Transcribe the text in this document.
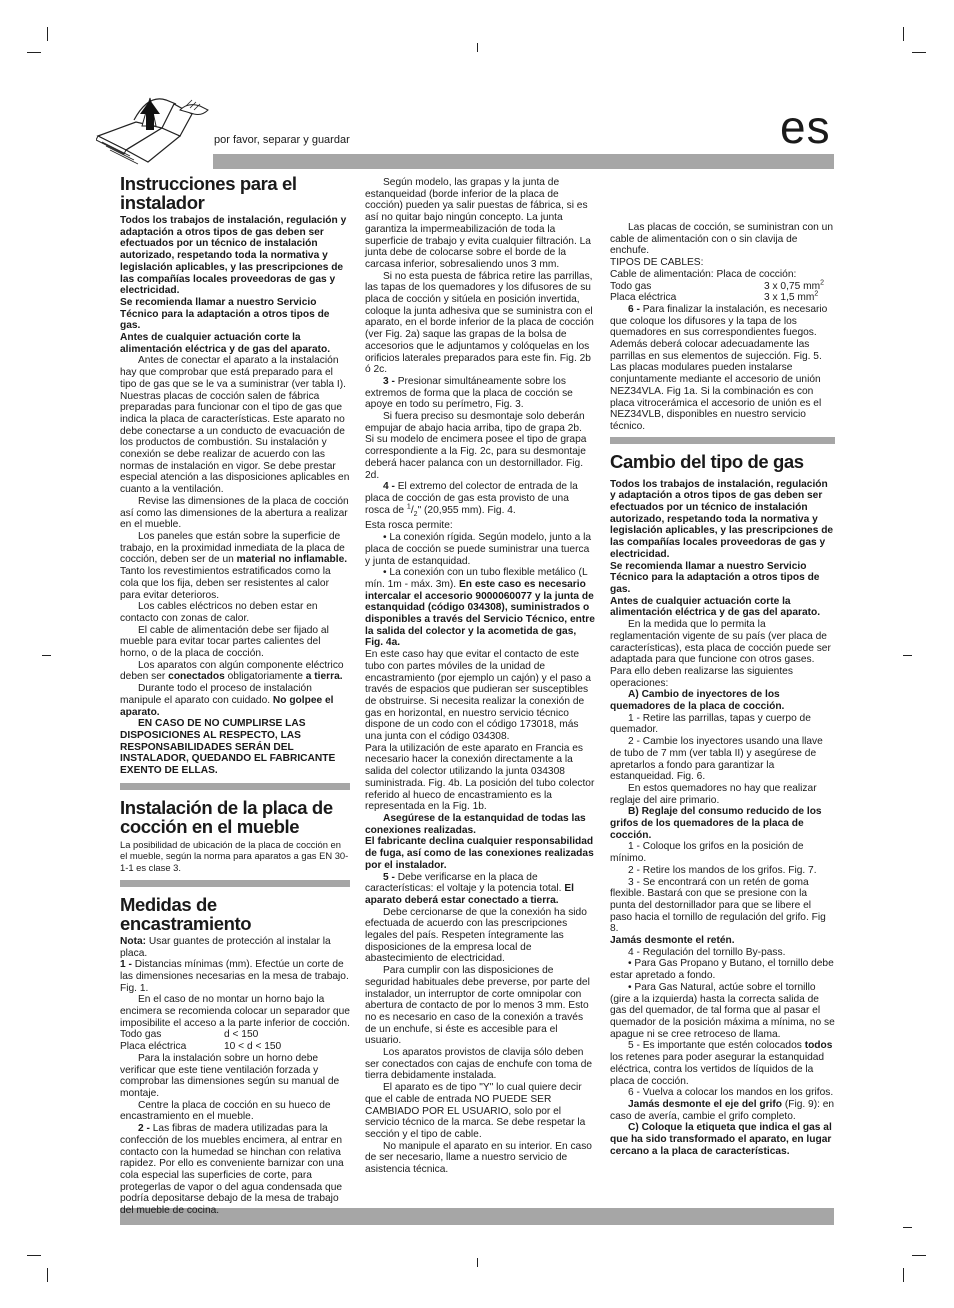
por favor, separar y guardar	es
Instrucciones para el instalador

Todos los trabajos de instalación, regulación y adaptación a otros tipos de gas deben ser efectuados por un técnico de instalación autorizado, respetando toda la normativa y legislación aplicables, y las prescripciones de las compañías locales proveedoras de gas y electricidad.

Se recomienda llamar a nuestro Servicio Técnico para la adaptación a otros tipos de gas.

Antes de cualquier actuación corte la alimentación eléctrica y de gas del aparato.

Antes de conectar el aparato a la instalación hay que comprobar que está preparado para el tipo de gas que se le va a suministrar (ver tabla I). Nuestras placas de cocción salen de fábrica preparadas para funcionar con el tipo de gas que indica la placa de características. Este aparato no debe conectarse a un conducto de evacuación de los productos de combustión. Su instalación y conexión se debe realizar de acuerdo con las normas de instalación en vigor. Se debe prestar especial atención a las disposiciones aplicables en cuanto a la ventilación.

Revise las dimensiones de la placa de cocción así como las dimensiones de la abertura a realizar en el mueble.

Los paneles que están sobre la superficie de trabajo, en la proximidad inmediata de la placa de cocción, deben ser de un material no inflamable. Tanto los revestimientos estratificados como la cola que los fija, deben ser resistentes al calor para evitar deterioros.

Los cables eléctricos no deben estar en contacto con zonas de calor.

El cable de alimentación debe ser fijado al mueble para evitar tocar partes calientes del horno, o de la placa de cocción.

Los aparatos con algún componente eléctrico deben ser conectados obligatoriamente a tierra.

Durante todo el proceso de instalación manipule el aparato con cuidado. No golpee el aparato.

EN CASO DE NO CUMPLIRSE LAS DISPOSICIONES AL RESPECTO, LAS RESPONSABILIDADES SERÁN DEL INSTALADOR, QUEDANDO EL FABRICANTE EXENTO DE ELLAS.

Instalación de la placa de cocción en el mueble

La posibilidad de ubicación de la placa de cocción en el mueble, según la norma para aparatos a gas EN 30-1-1 es clase 3.

Medidas de encastramiento

Nota: Usar guantes de protección al instalar la placa.

1 - Distancias mínimas (mm). Efectúe un corte de las dimensiones necesarias en la mesa de trabajo. Fig. 1.

En el caso de no montar un horno bajo la encimera se recomienda colocar un separador que imposibilite el acceso a la parte inferior de cocción.

Todo gas	d < 150

Placa eléctrica	10 < d < 150

Para la instalación sobre un horno debe verificar que este tiene ventilación forzada y comprobar las dimensiones según su manual de montaje.

Centre la placa de cocción en su hueco de encastramiento en el mueble.

2 - Las fibras de madera utilizadas para la confección de los muebles encimera, al entrar en contacto con la humedad se hinchan con relativa rapidez. Por ello es conveniente barnizar con una cola especial las superficies de corte, para protegerlas de vapor o del agua condensada que podría depositarse debajo de la mesa de trabajo del mueble de cocina.

Según modelo, las grapas y la junta de estanqueidad (borde inferior de la placa de cocción) pueden ya salir puestas de fábrica, si es así no quitar bajo ningún concepto. La junta garantiza la impermeabilización de toda la superficie de trabajo y evita cualquier filtración. La junta debe de colocarse sobre el borde de la carcasa inferior, sobresaliendo unos 3 mm.

Si no esta puesta de fábrica retire las parrillas, las tapas de los quemadores y los difusores de su placa de cocción y sitúela en posición invertida, coloque la junta adhesiva que se suministra con el aparato, en el borde inferior de la placa de cocción (ver Fig. 2a) saque las grapas de la bolsa de accesorios que le adjuntamos y colóquelas en los orificios laterales preparados para este fin. Fig. 2b ó 2c.

3 - Presionar simultáneamente sobre los extremos de forma que la placa de cocción se apoye en todo su perímetro, Fig. 3.

Si fuera preciso su desmontaje solo deberán empujar de abajo hacia arriba, tipo de grapa 2b.

Si su modelo de encimera posee el tipo de grapa correspondiente a la Fig. 2c, para su desmontaje deberá hacer palanca con un destornillador. Fig. 2d.

4 - El extremo del colector de entrada de la placa de cocción de gas esta provisto de una rosca de $^1/_2$" (20,955 mm). Fig. 4.

Esta rosca permite:

• La conexión rígida. Según modelo, junto a la placa de cocción se puede suministrar una tuerca y junta de estanquidad.

• La conexión con un tubo flexible metálico (L mín. 1m - máx. 3m). En este caso es necesario intercalar el accesorio 9000060077 y la junta de estanquidad (código 034308), suministrados o disponibles a través del Servicio Técnico, entre la salida del colector y la acometida de gas, Fig. 4a.

En este caso hay que evitar el contacto de este tubo con partes móviles de la unidad de encastramiento (por ejemplo un cajón) y el paso a través de espacios que pudieran ser susceptibles de obstruirse. Si necesita realizar la conexión de gas en horizontal, en nuestro servicio técnico dispone de un codo con el código 173018, más una junta con el código 034308.

Para la utilización de este aparato en Francia es necesario hacer la conexión directamente a la salida del colector utilizando la junta 034308 suministrada. Fig. 4b. La posición del tubo colector referido al hueco de encastramiento es la representada en la Fig. 1b.

Asegúrese de la estanquidad de todas las conexiones realizadas.

El fabricante declina cualquier responsabilidad de fuga, así como de las conexiones realizadas por el instalador.

5 - Debe verificarse en la placa de características: el voltaje y la potencia total. El aparato deberá estar conectado a tierra.

Debe cercionarse de que la conexión ha sido efectuada de acuerdo con las prescripciones legales del país. Respeten íntegramente las disposiciones de la empresa local de abastecimiento de electricidad.

Para cumplir con las disposiciones de seguridad habituales debe preverse, por parte del instalador, un interruptor de corte omnipolar con abertura de contacto de por lo menos 3 mm. Esto no es necesario en caso de la conexión a través de un enchufe, si éste es accesible para el usuario.

Los aparatos provistos de clavija sólo deben ser conectados con cajas de enchufe con toma de tierra debidamente instalada.

El aparato es de tipo "Y" lo cual quiere decir que el cable de entrada NO PUEDE SER CAMBIADO POR EL USUARIO, solo por el servicio técnico de la marca. Se debe respetar la sección y el tipo de cable.

No manipule el aparato en su interior. En caso de ser necesario, llame a nuestro servicio de asistencia técnica.

Las placas de cocción, se suministran con un cable de alimentación con o sin clavija de enchufe.

TIPOS DE CABLES:

Cable de alimentación: Placa de cocción:

Todo gas	3 x 0,75 $mm^2$

Placa eléctrica	3 x 1,5 $mm^2$

6 - Para finalizar la instalación, es necesario que coloque los difusores y la tapa de los quemadores en sus correspondientes fuegos. Además deberá colocar adecuadamente las parrillas en sus elementos de sujección. Fig. 5. Las placas modulares pueden instalarse conjuntamente mediante el accesorio de unión NEZ34VLA. Fig 1a. Si la combinación es con placa vitrocerámica el accesorio de unión es el NEZ34VLB, disponibles en nuestro servicio técnico.

Cambio del tipo de gas

Todos los trabajos de instalación, regulación y adaptación a otros tipos de gas deben ser efectuados por un técnico de instalación autorizado, respetando toda la normativa y legislación aplicables, y las prescripciones de las compañías locales proveedoras de gas y electricidad.

Se recomienda llamar a nuestro Servicio Técnico para la adaptación a otros tipos de gas.

Antes de cualquier actuación corte la alimentación eléctrica y de gas del aparato.

En la medida que lo permita la reglamentación vigente de su país (ver placa de características), esta placa de cocción puede ser adaptada para que funcione con otros gases. Para ello deben realizarse las siguientes operaciones:

A) Cambio de inyectores de los quemadores de la placa de cocción.

1 - Retire las parrillas, tapas y cuerpo de quemador.

2 - Cambie los inyectores usando una llave de tubo de 7 mm (ver tabla II) y asegúrese de apretarlos a fondo para garantizar la estanqueidad. Fig. 6.

En estos quemadores no hay que realizar reglaje del aire primario.

B) Reglaje del consumo reducido de los grifos de los quemadores de la placa de cocción.

1 - Coloque los grifos en la posición de mínimo.

2 - Retire los mandos de los grifos. Fig. 7.

3 - Se encontrará con un retén de goma flexible. Bastará con que se presione con la punta del destornillador para que se libere el paso hacia el tornillo de regulación del grifo. Fig 8.

Jamás desmonte el retén.

4 - Regulación del tornillo By-pass.

• Para Gas Propano y Butano, el tornillo debe estar apretado a fondo.

• Para Gas Natural, actúe sobre el tornillo (gire a la izquierda) hasta la correcta salida de gas del quemador, de tal forma que al pasar el quemador de la posición máxima a mínima, no se apague ni se cree retroceso de llama.

5 - Es importante que estén colocados todos los retenes para poder asegurar la estanquidad eléctrica, contra los vertidos de líquidos de la placa de cocción.

6 - Vuelva a colocar los mandos en los grifos.

Jamás desmonte el eje del grifo (Fig. 9): en caso de avería, cambie el grifo completo.

C) Coloque la etiqueta que indica el gas al que ha sido transformado el aparato, en lugar cercano a la placa de características.
